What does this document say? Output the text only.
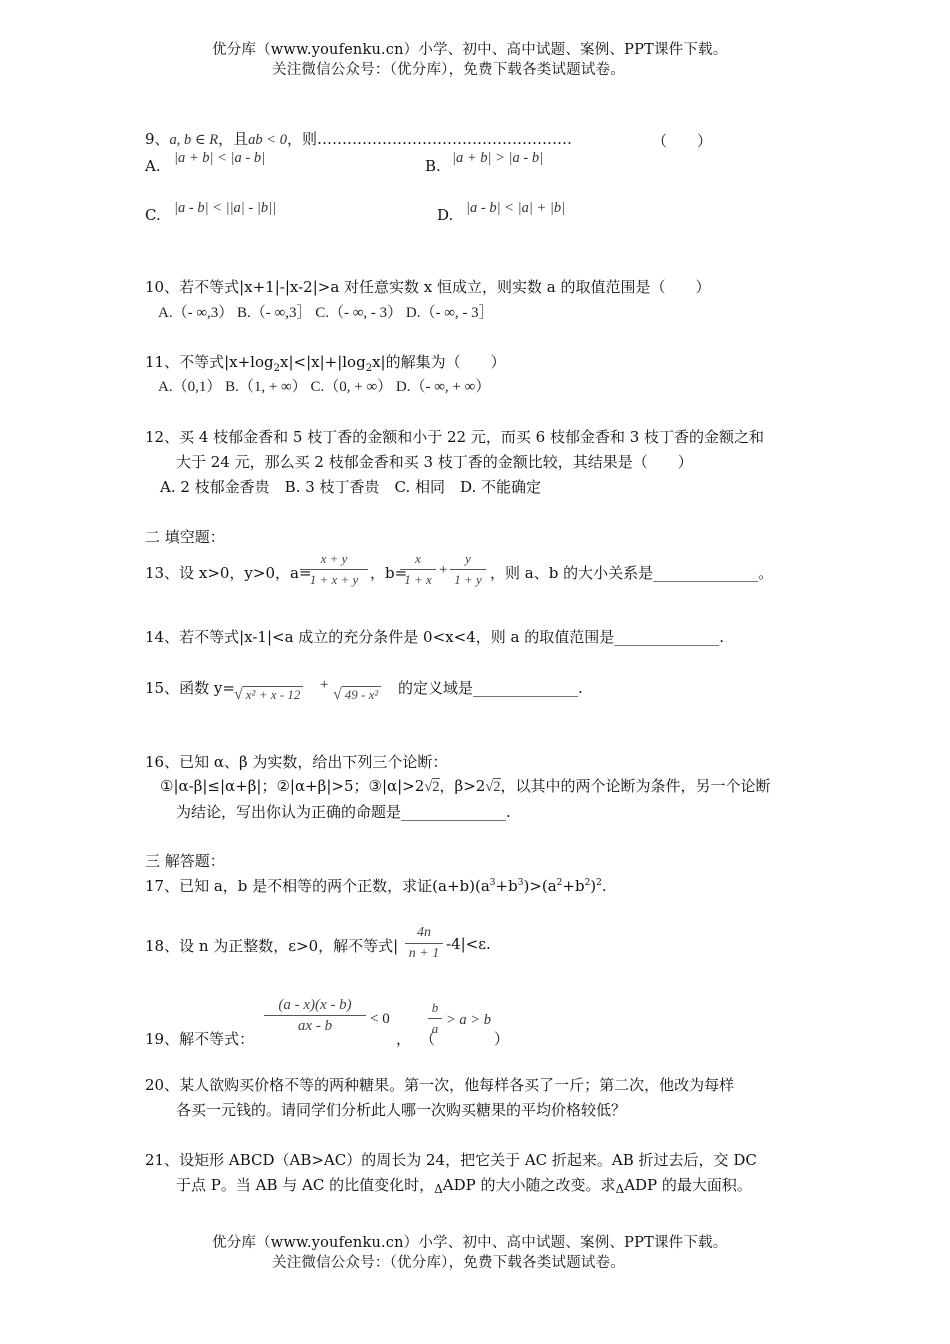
优分库（www.youfenku.cn）小学、初中、高中试题、案例、PPT课件下载。
关注微信公众号：（优分库），免费下载各类试题试卷。
9、a, b ∈ R，且ab < 0，则……………………………………………	（　　）
A. |a + b| < |a - b|	B. |a + b| > |a - b|
C. |a - b| < ||a| - |b||	D. |a - b| < |a| + |b|
10、若不等式|x+1|-|x-2|>a 对任意实数 x 恒成立，则实数 a 的取值范围是（　　）
A.（- ∞,3） B.（- ∞,3］ C.（- ∞, - 3） D.（- ∞, - 3］
11、不等式$|x+\log_2x|<|x|+|\log_2x|$的解集为（　　）
A.（0,1） B.（1, + ∞） C.（0, + ∞） D.（- ∞, + ∞）
12、买 4 枝郁金香和 5 枝丁香的金额和小于 22 元，而买 6 枝郁金香和 3 枝丁香的金额之和
大于 24 元，那么买 2 枝郁金香和买 3 枝丁香的金额比较，其结果是（　　）
A. 2 枝郁金香贵　B. 3 枝丁香贵　C. 相同　D. 不能确定
二 填空题：
13、设 x>0，y>0，a=
x + y
1 + x + y ，b=
x
1 + x
+
y
1 + y ，则 a、b 的大小关系是______________。
14、若不等式|x-1|<a 成立的充分条件是 0<x<4，则 a 的取值范围是______________.
15、函数 y= √ x² + x - 12
+
√ 49 - x² 的定义域是______________.
16、已知 α、β 为实数，给出下列三个论断：
①|α-β|≤|α+β|；②|α+β|>5；③|α|>2√2，β>2√2，以其中的两个论断为条件，另一个论断
为结论，写出你认为正确的命题是______________.
三 解答题：
17、已知 a，b 是不相等的两个正数，求证$(a+b)(a^3+b^3)>(a^2+b^2)^2$.
18、设 n 为正整数，ε>0，解不等式|
4n
n + 1
-4|<ε.
19、解不等式：
(a - x)(x - b)
ax - b	< 0
， （
b
a
> a > b
）
20、某人欲购买价格不等的两种糖果。第一次，他每样各买了一斤；第二次，他改为每样
各买一元钱的。请同学们分析此人哪一次购买糖果的平均价格较低？
21、设矩形 ABCD（AB>AC）的周长为 24，把它关于 AC 折起来。AB 折过去后，交 DC
于点 P。当 AB 与 AC 的比值变化时，$_\Delta$ADP 的大小随之改变。求$_\Delta$ADP 的最大面积。
优分库（www.youfenku.cn）小学、初中、高中试题、案例、PPT课件下载。
关注微信公众号：（优分库），免费下载各类试题试卷。
